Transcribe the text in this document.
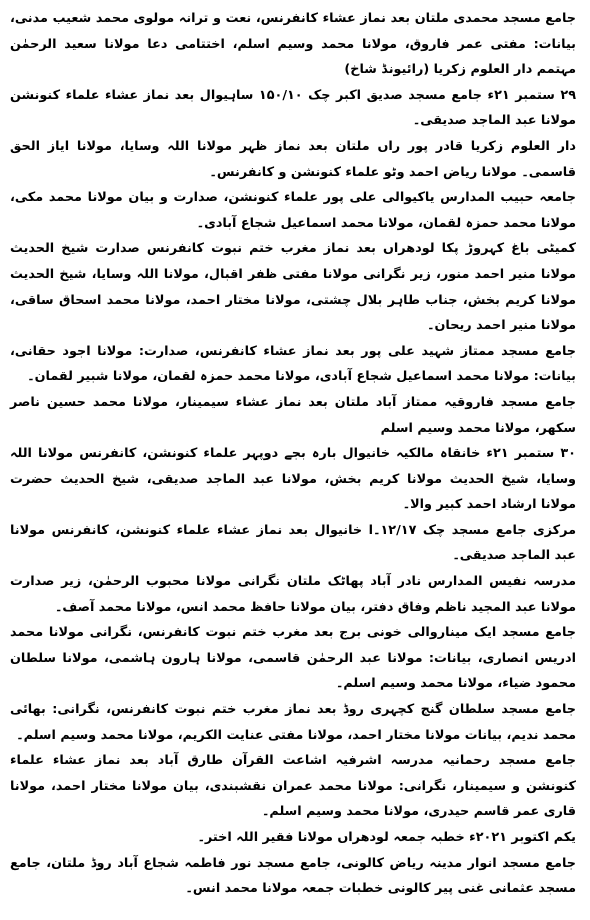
جامع مسجد محمدی ملتان بعد نماز عشاء کانفرنس، نعت و ترانہ مولوی محمد شعیب مدنی، بیانات: مفتی عمر فاروق، مولانا محمد وسیم اسلم، اختتامی دعا مولانا سعید الرحمٰن مہتمم دار العلوم زکریا (رائیونڈ شاخ)

۲۹ ستمبر ۲۱ء جامع مسجد صدیق اکبر چک ۱۵۰/۱۰ ساہیوال بعد نماز عشاء علماء کنونشن مولانا عبد الماجد صدیقی۔

دار العلوم زکریا قادر پور راں ملتان بعد نماز ظہر مولانا اللہ وسایا، مولانا ایاز الحق قاسمی۔ مولانا ریاض احمد وٹو علماء کنونشن و کانفرنس۔

جامعہ حبیب المدارس یاکیوالی علی پور علماء کنونشن، صدارت و بیان مولانا محمد مکی، مولانا محمد حمزہ لقمان، مولانا محمد اسماعیل شجاع آبادی۔

کمیٹی باغ کہروڑ پکا لودھراں بعد نماز مغرب ختم نبوت کانفرنس صدارت شیخ الحدیث مولانا منیر احمد منور، زیر نگرانی مولانا مفتی ظفر اقبال، مولانا اللہ وسایا، شیخ الحدیث مولانا کریم بخش، جناب طاہر بلال چشتی، مولانا مختار احمد، مولانا محمد اسحاق ساقی، مولانا منیر احمد ریحان۔

جامع مسجد ممتاز شہید علی پور بعد نماز عشاء کانفرنس، صدارت: مولانا اجود حقانی، بیانات: مولانا محمد اسماعیل شجاع آبادی، مولانا محمد حمزہ لقمان، مولانا شبیر لقمان۔

جامع مسجد فاروقیہ ممتاز آباد ملتان بعد نماز عشاء سیمینار، مولانا محمد حسین ناصر سکھر، مولانا محمد وسیم اسلم

۳۰ ستمبر ۲۱ء خانقاہ مالکیہ خانیوال بارہ بجے دوپہر علماء کنونشن، کانفرنس مولانا اللہ وسایا، شیخ الحدیث مولانا کریم بخش، مولانا عبد الماجد صدیقی، شیخ الحدیث حضرت مولانا ارشاد احمد کبیر والا۔

مرکزی جامع مسجد چک ۱۲/۱۷۔ا خانیوال بعد نماز عشاء علماء کنونشن، کانفرنس مولانا عبد الماجد صدیقی۔

مدرسہ نفیس المدارس نادر آباد پھاٹک ملتان نگرانی مولانا محبوب الرحمٰن، زیر صدارت مولانا عبد المجید ناظم وفاق دفتر، بیان مولانا حافظ محمد انس، مولانا محمد آصف۔

جامع مسجد ایک میناروالی خونی برج بعد مغرب ختم نبوت کانفرنس، نگرانی مولانا محمد ادریس انصاری، بیانات: مولانا عبد الرحمٰن قاسمی، مولانا ہارون ہاشمی، مولانا سلطان محمود ضیاء، مولانا محمد وسیم اسلم۔

جامع مسجد سلطان گنج کچہری روڈ بعد نماز مغرب ختم نبوت کانفرنس، نگرانی: بھائی محمد ندیم، بیانات مولانا مختار احمد، مولانا مفتی عنایت الکریم، مولانا محمد وسیم اسلم۔

جامع مسجد رحمانیہ مدرسہ اشرفیہ اشاعت القرآن طارق آباد بعد نماز عشاء علماء کنونشن و سیمینار، نگرانی: مولانا محمد عمران نقشبندی، بیان مولانا مختار احمد، مولانا قاری عمر قاسم حیدری، مولانا محمد وسیم اسلم۔

یکم اکتوبر ۲۰۲۱ء خطبہ جمعہ لودھراں مولانا فقیر اللہ اختر۔

جامع مسجد انوار مدینہ ریاض کالونی، جامع مسجد نور فاطمہ شجاع آباد روڈ ملتان، جامع مسجد عثمانی غنی پیر کالونی خطبات جمعہ مولانا محمد انس۔
